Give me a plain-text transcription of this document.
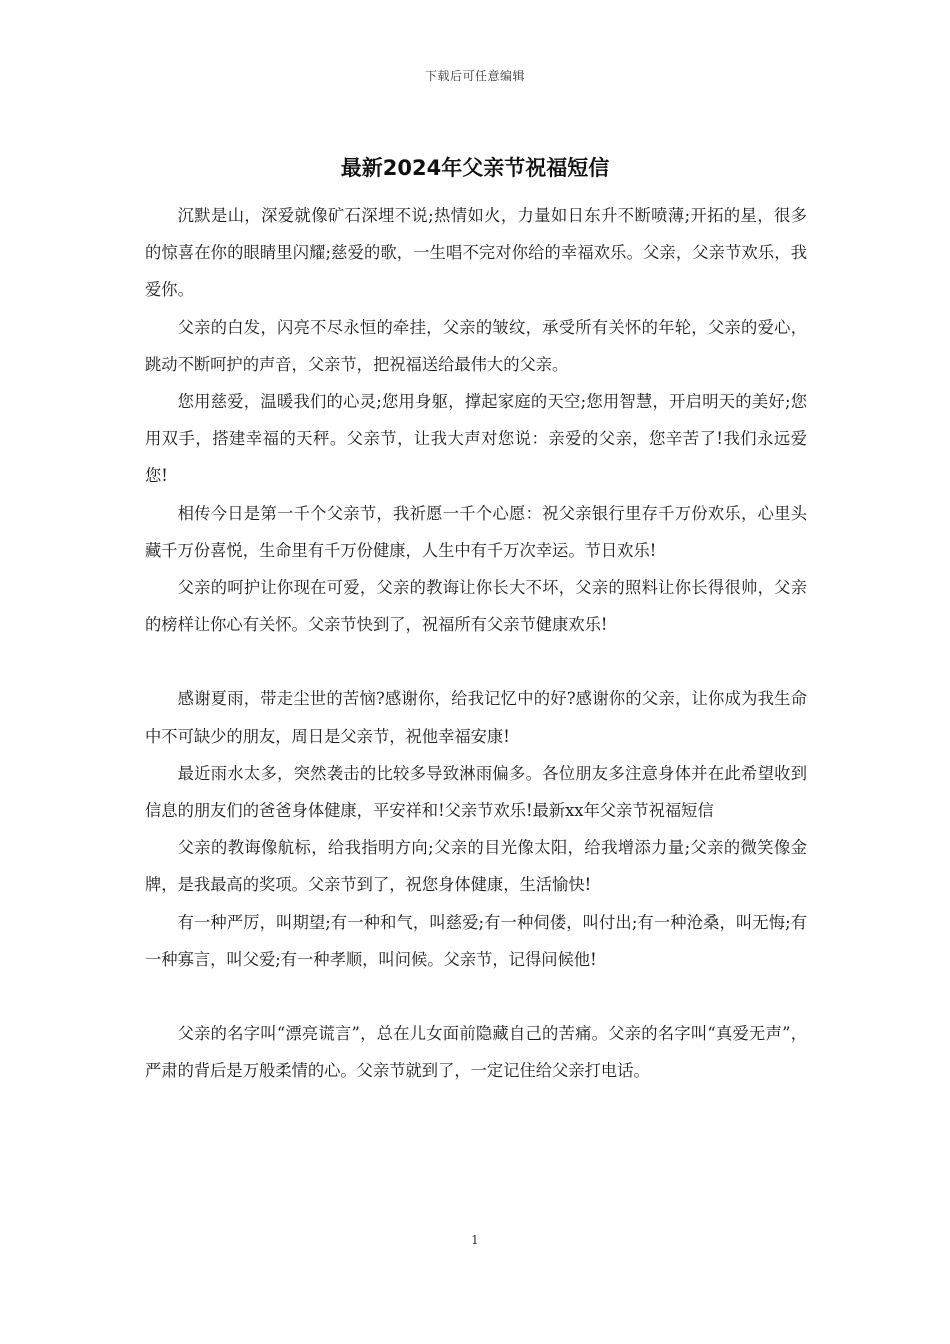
下载后可任意编辑
最新2024年父亲节祝福短信

沉默是山，深爱就像矿石深埋不说;热情如火，力量如日东升不断喷薄;开拓的星，很多的惊喜在你的眼睛里闪耀;慈爱的歌，一生唱不完对你给的幸福欢乐。父亲，父亲节欢乐，我爱你。

父亲的白发，闪亮不尽永恒的牵挂，父亲的皱纹，承受所有关怀的年轮，父亲的爱心，跳动不断呵护的声音，父亲节，把祝福送给最伟大的父亲。

您用慈爱，温暖我们的心灵;您用身躯，撑起家庭的天空;您用智慧，开启明天的美好;您用双手，搭建幸福的天秤。父亲节，让我大声对您说：亲爱的父亲，您辛苦了!我们永远爱您!

相传今日是第一千个父亲节，我祈愿一千个心愿：祝父亲银行里存千万份欢乐，心里头藏千万份喜悦，生命里有千万份健康，人生中有千万次幸运。节日欢乐!

父亲的呵护让你现在可爱，父亲的教诲让你长大不坏，父亲的照料让你长得很帅，父亲的榜样让你心有关怀。父亲节快到了，祝福所有父亲节健康欢乐!

感谢夏雨，带走尘世的苦恼?感谢你，给我记忆中的好?感谢你的父亲，让你成为我生命中不可缺少的朋友，周日是父亲节，祝他幸福安康!

最近雨水太多，突然袭击的比较多导致淋雨偏多。各位朋友多注意身体并在此希望收到信息的朋友们的爸爸身体健康，平安祥和!父亲节欢乐!最新xx年父亲节祝福短信

父亲的教诲像航标，给我指明方向;父亲的目光像太阳，给我增添力量;父亲的微笑像金牌，是我最高的奖项。父亲节到了，祝您身体健康，生活愉快!

有一种严厉，叫期望;有一种和气，叫慈爱;有一种伺偻，叫付出;有一种沧桑，叫无悔;有一种寡言，叫父爱;有一种孝顺，叫问候。父亲节，记得问候他!

父亲的名字叫“漂亮谎言”，总在儿女面前隐藏自己的苦痛。父亲的名字叫“真爱无声”，严肃的背后是万般柔情的心。父亲节就到了，一定记住给父亲打电话。

1
